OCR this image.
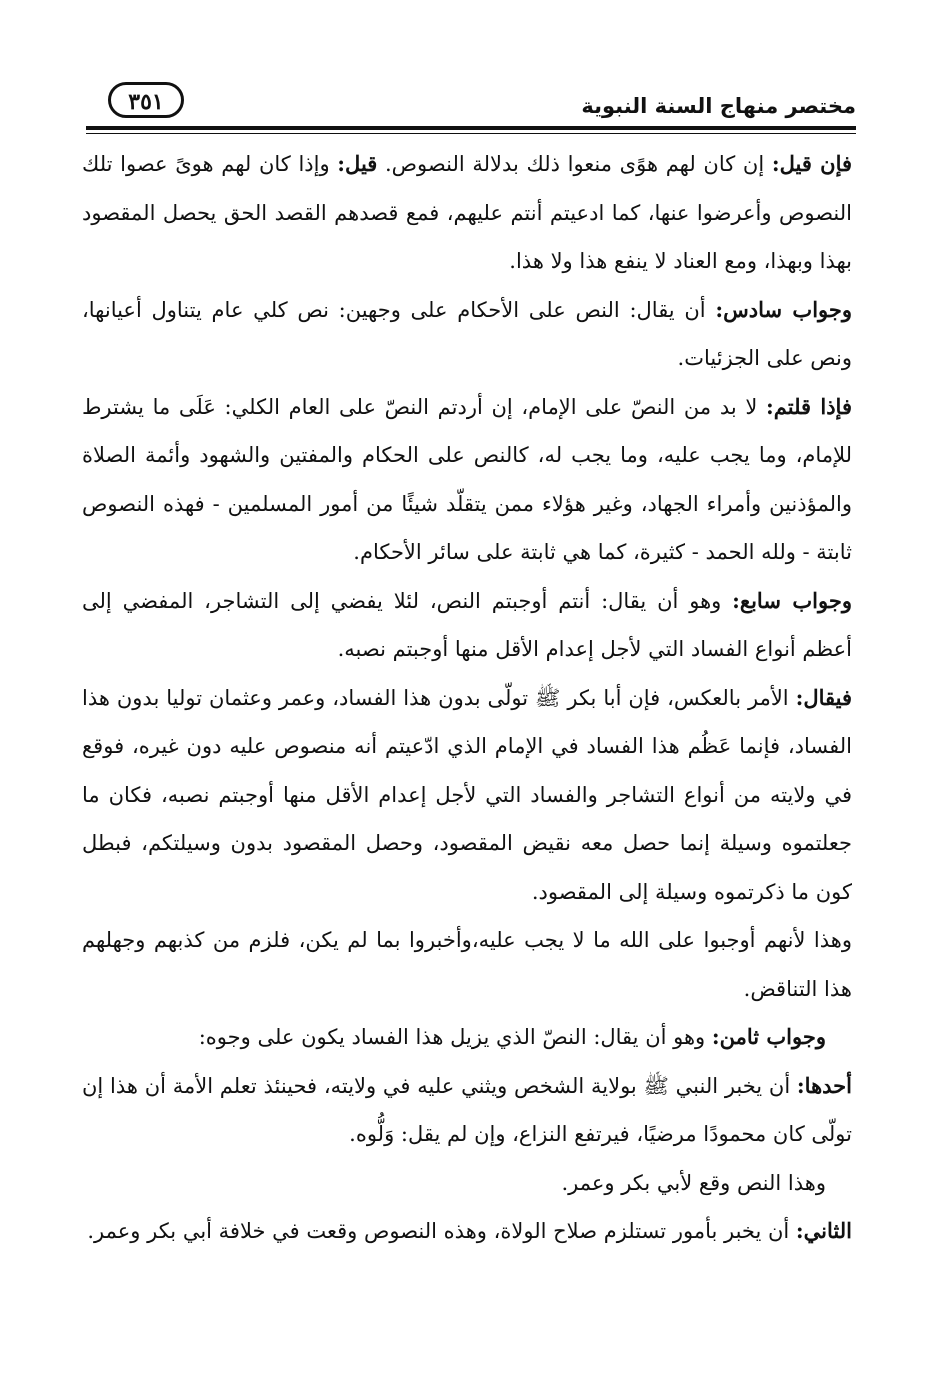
٣٥١	مختصر منهاج السنة النبوية

فإن قيل: إن كان لهم هوًى منعوا ذلك بدلالة النصوص. قيل: وإذا كان لهم هوىً عصوا تلك النصوص وأعرضوا عنها، كما ادعيتم أنتم عليهم، فمع قصدهم القصد الحق يحصل المقصود بهذا وبهذا، ومع العناد لا ينفع هذا ولا هذا.

وجواب سادس: أن يقال: النص على الأحكام على وجهين: نص كلي عام يتناول أعيانها، ونص على الجزئيات.

فإذا قلتم: لا بد من النصّ على الإمام، إن أردتم النصّ على العام الكلي: عَلَى ما يشترط للإمام، وما يجب عليه، وما يجب له، كالنص على الحكام والمفتين والشهود وأئمة الصلاة والمؤذنين وأمراء الجهاد، وغير هؤلاء ممن يتقلّد شيئًا من أمور المسلمين - فهذه النصوص ثابتة - ولله الحمد - كثيرة، كما هي ثابتة على سائر الأحكام.

وجواب سابع: وهو أن يقال: أنتم أوجبتم النص، لئلا يفضي إلى التشاجر، المفضي إلى أعظم أنواع الفساد التي لأجل إعدام الأقل منها أوجبتم نصبه.

فيقال: الأمر بالعكس، فإن أبا بكر ﷺ تولّى بدون هذا الفساد، وعمر وعثمان توليا بدون هذا الفساد، فإنما عَظُم هذا الفساد في الإمام الذي ادّعيتم أنه منصوص عليه دون غيره، فوقع في ولايته من أنواع التشاجر والفساد التي لأجل إعدام الأقل منها أوجبتم نصبه، فكان ما جعلتموه وسيلة إنما حصل معه نقيض المقصود، وحصل المقصود بدون وسيلتكم، فبطل كون ما ذكرتموه وسيلة إلى المقصود.

وهذا لأنهم أوجبوا على الله ما لا يجب عليه،وأخبروا بما لم يكن، فلزم من كذبهم وجهلهم هذا التناقض.

وجواب ثامن: وهو أن يقال: النصّ الذي يزيل هذا الفساد يكون على وجوه:

أحدها: أن يخبر النبي ﷺ بولاية الشخص ويثني عليه في ولايته، فحينئذ تعلم الأمة أن هذا إن تولّى كان محمودًا مرضيًا، فيرتفع النزاع، وإن لم يقل: وَلُّوه.

وهذا النص وقع لأبي بكر وعمر.

الثاني: أن يخبر بأمور تستلزم صلاح الولاة، وهذه النصوص وقعت في خلافة أبي بكر وعمر.
